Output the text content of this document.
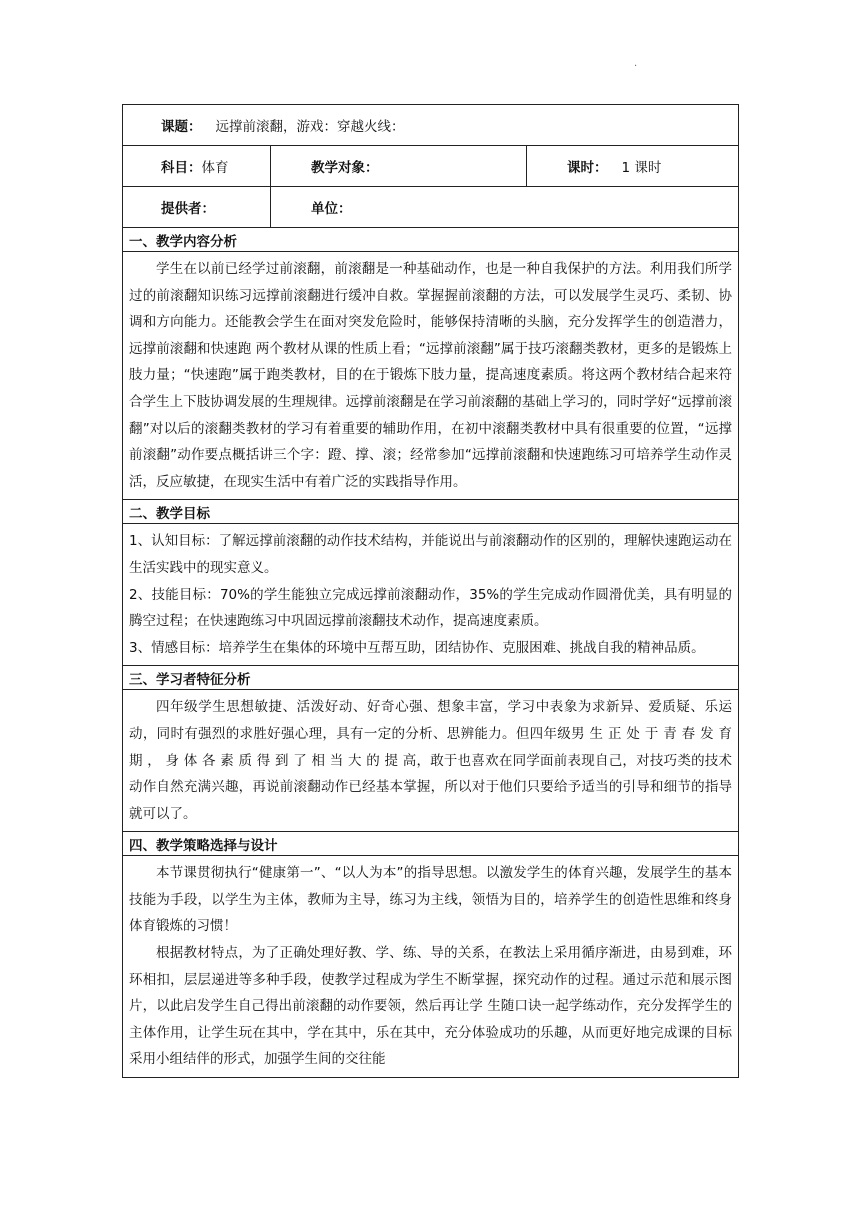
.
课题： 远撑前滚翻，游戏：穿越火线：		
科目：体育	教学对象：	课时： 1 课时
提供者：	单位：	
一、教学内容分析		

学生在以前已经学过前滚翻，前滚翻是一种基础动作，也是一种自我保护的方法。利用我们所学过的前滚翻知识练习远撑前滚翻进行缓冲自救。掌握握前滚翻的方法，可以发展学生灵巧、柔韧、协调和方向能力。还能教会学生在面对突发危险时，能够保持清晰的头脑，充分发挥学生的创造潜力，远撑前滚翻和快速跑 两个教材从课的性质上看；“远撑前滚翻”属于技巧滚翻类教材，更多的是锻炼上肢力量；“快速跑”属于跑类教材，目的在于锻炼下肢力量，提高速度素质。将这两个教材结合起来符合学生上下肢协调发展的生理规律。远撑前滚翻是在学习前滚翻的基础上学习的，同时学好“远撑前滚翻”对以后的滚翻类教材的学习有着重要的辅助作用，在初中滚翻类教材中具有很重要的位置，“远撑前滚翻”动作要点概括讲三个字：蹬、撑、滚；经常参加“远撑前滚翻和快速跑练习可培养学生动作灵活，反应敏捷，在现实生活中有着广泛的实践指导作用。		

二、教学目标		

1、认知目标：了解远撑前滚翻的动作技术结构，并能说出与前滚翻动作的区别的，理解快速跑运动在生活实践中的现实意义。

2、技能目标：70%的学生能独立完成远撑前滚翻动作，35%的学生完成动作圆滑优美，具有明显的腾空过程；在快速跑练习中巩固远撑前滚翻技术动作，提高速度素质。

3、情感目标：培养学生在集体的环境中互帮互助，团结协作、克服困难、挑战自我的精神品质。		

三、学习者特征分析		

四年级学生思想敏捷、活泼好动、好奇心强、想象丰富，学习中表象为求新异、爱质疑、乐运动，同时有强烈的求胜好强心理，具有一定的分析、思辨能力。但四年级男 生 正 处 于 青 春 发 育 期 ， 身 体 各 素 质 得 到 了 相 当 大 的 提 高，敢于也喜欢在同学面前表现自己，对技巧类的技术动作自然充满兴趣，再说前滚翻动作已经基本掌握，所以对于他们只要给予适当的引导和细节的指导就可以了。		

四、教学策略选择与设计		

本节课贯彻执行“健康第一”、“以人为本”的指导思想。以激发学生的体育兴趣，发展学生的基本技能为手段，以学生为主体，教师为主导，练习为主线，领悟为目的，培养学生的创造性思维和终身体育锻炼的习惯！

根据教材特点，为了正确处理好教、学、练、导的关系，在教法上采用循序渐进，由易到难，环环相扣，层层递进等多种手段，使教学过程成为学生不断掌握，探究动作的过程。通过示范和展示图片，以此启发学生自己得出前滚翻的动作要领，然后再让学 生随口诀一起学练动作，充分发挥学生的主体作用，让学生玩在其中，学在其中，乐在其中，充分体验成功的乐趣，从而更好地完成课的目标采用小组结伴的形式，加强学生间的交往能		
